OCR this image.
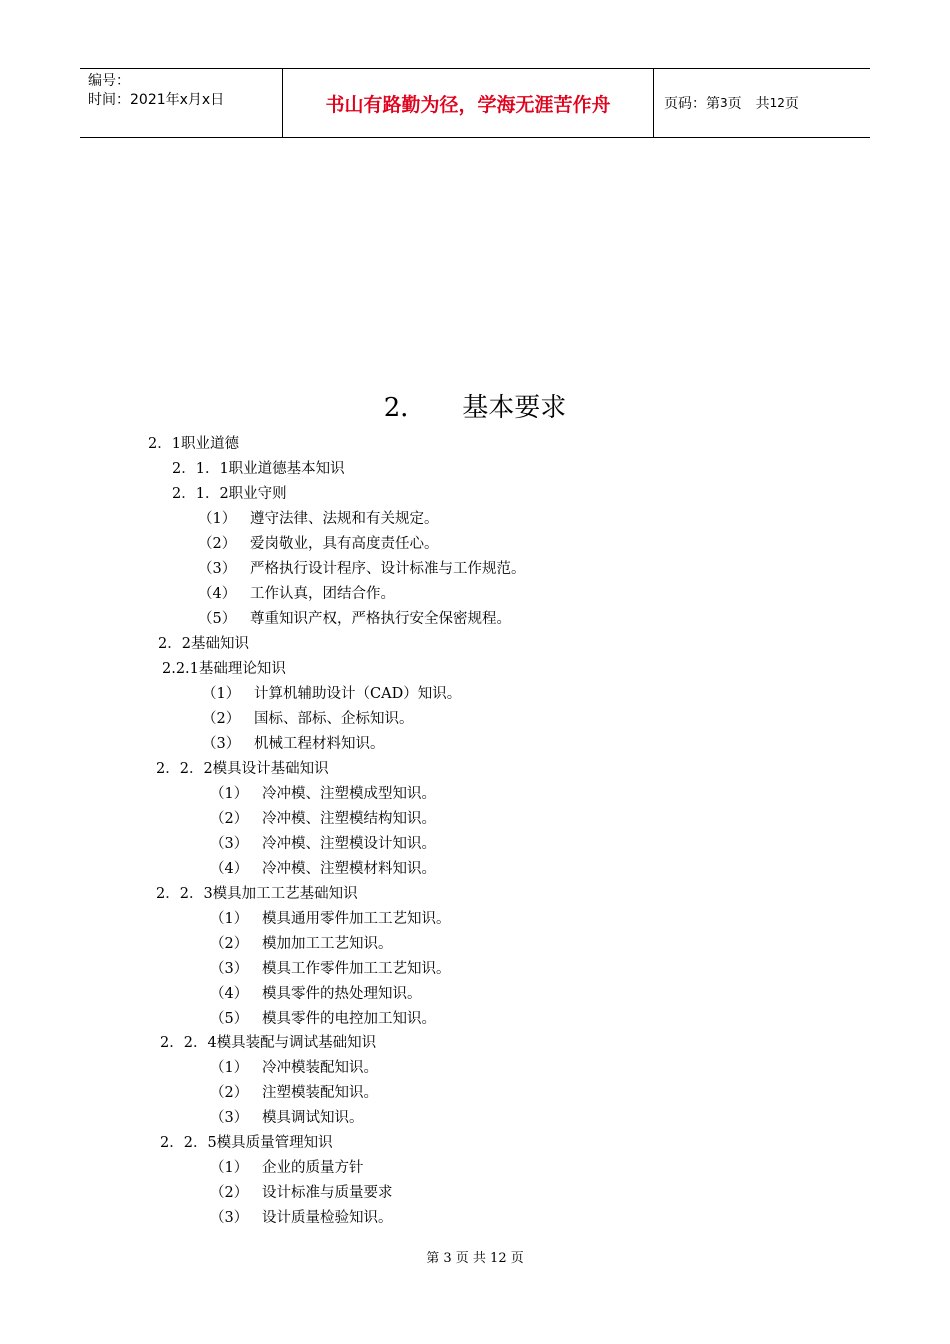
编号：
时间：2021年x月x日	书山有路勤为径，学海无涯苦作舟	页码：第 3 页　共 12 页
2． 基本要求
2．1职业道德
2．1．1职业道德基本知识
2．1．2职业守则
（1） 遵守法律、法规和有关规定。
（2） 爱岗敬业，具有高度责任心。
（3） 严格执行设计程序、设计标准与工作规范。
（4） 工作认真，团结合作。
（5） 尊重知识产权，严格执行安全保密规程。
2．2基础知识
2.2.1基础理论知识
（1） 计算机辅助设计（CAD）知识。
（2） 国标、部标、企标知识。
（3） 机械工程材料知识。
2．2．2模具设计基础知识
（1） 冷冲模、注塑模成型知识。
（2） 冷冲模、注塑模结构知识。
（3） 冷冲模、注塑模设计知识。
（4） 冷冲模、注塑模材料知识。
2．2．3模具加工工艺基础知识
（1） 模具通用零件加工工艺知识。
（2） 模加加工工艺知识。
（3） 模具工作零件加工工艺知识。
（4） 模具零件的热处理知识。
（5） 模具零件的电控加工知识。
2．2．4模具装配与调试基础知识
（1） 冷冲模装配知识。
（2） 注塑模装配知识。
（3） 模具调试知识。
2．2．5模具质量管理知识
（1） 企业的质量方针
（2） 设计标准与质量要求
（3） 设计质量检验知识。
第 3 页 共 12 页
